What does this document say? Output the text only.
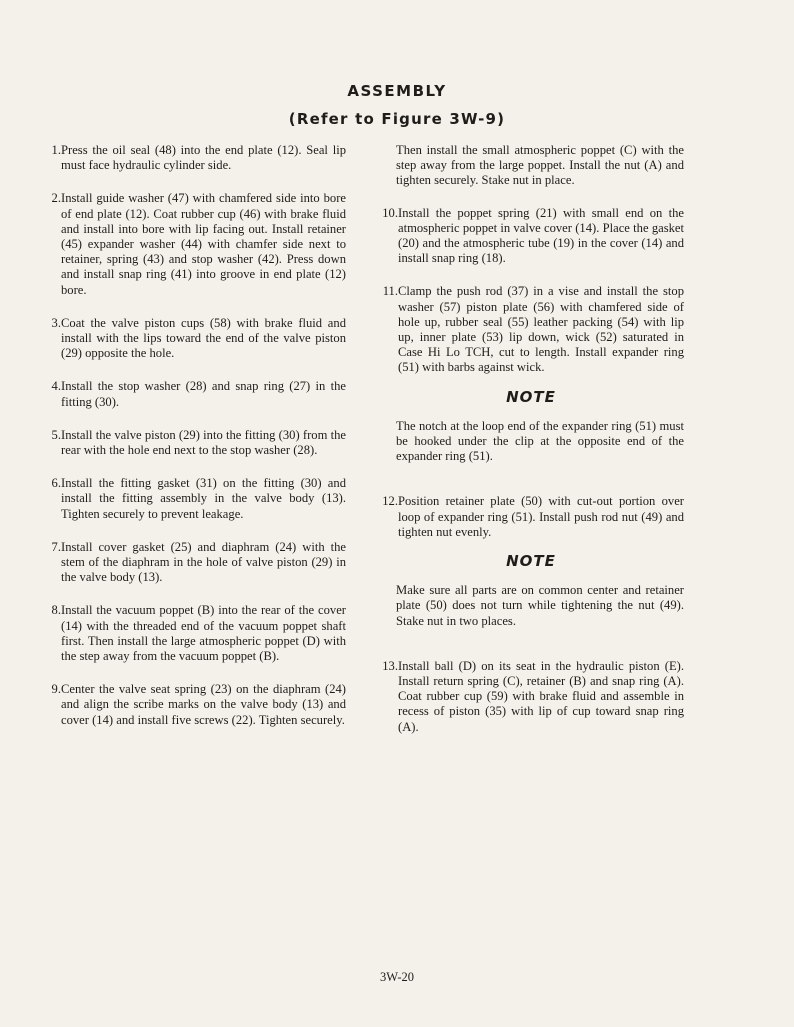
ASSEMBLY
(Refer to Figure 3W-9)
1. Press the oil seal (48) into the end plate (12). Seal lip must face hydraulic cylinder side.
2. Install guide washer (47) with chamfered side into bore of end plate (12). Coat rubber cup (46) with brake fluid and install into bore with lip facing out. Install retainer (45) expander washer (44) with chamfer side next to retainer, spring (43) and stop washer (42). Press down and install snap ring (41) into groove in end plate (12) bore.
3. Coat the valve piston cups (58) with brake fluid and install with the lips toward the end of the valve piston (29) opposite the hole.
4. Install the stop washer (28) and snap ring (27) in the fitting (30).
5. Install the valve piston (29) into the fitting (30) from the rear with the hole end next to the stop washer (28).
6. Install the fitting gasket (31) on the fitting (30) and install the fitting assembly in the valve body (13). Tighten securely to prevent leakage.
7. Install cover gasket (25) and diaphram (24) with the stem of the diaphram in the hole of valve piston (29) in the valve body (13).
8. Install the vacuum poppet (B) into the rear of the cover (14) with the threaded end of the vacuum poppet shaft first. Then install the large atmospheric poppet (D) with the step away from the vacuum poppet (B).
9. Center the valve seat spring (23) on the diaphram (24) and align the scribe marks on the valve body (13) and cover (14) and install five screws (22). Tighten securely.
Then install the small atmospheric poppet (C) with the step away from the large poppet. Install the nut (A) and tighten securely. Stake nut in place.
10. Install the poppet spring (21) with small end on the atmospheric poppet in valve cover (14). Place the gasket (20) and the atmospheric tube (19) in the cover (14) and install snap ring (18).
11. Clamp the push rod (37) in a vise and install the stop washer (57) piston plate (56) with chamfered side of hole up, rubber seal (55) leather packing (54) with lip up, inner plate (53) lip down, wick (52) saturated in Case Hi Lo TCH, cut to length. Install expander ring (51) with barbs against wick.
NOTE
The notch at the loop end of the expander ring (51) must be hooked under the clip at the opposite end of the expander ring (51).
12. Position retainer plate (50) with cut-out portion over loop of expander ring (51). Install push rod nut (49) and tighten nut evenly.
NOTE
Make sure all parts are on common center and retainer plate (50) does not turn while tightening the nut (49). Stake nut in two places.
13. Install ball (D) on its seat in the hydraulic piston (E). Install return spring (C), retainer (B) and snap ring (A). Coat rubber cup (59) with brake fluid and assemble in recess of piston (35) with lip of cup toward snap ring (A).
3W-20
